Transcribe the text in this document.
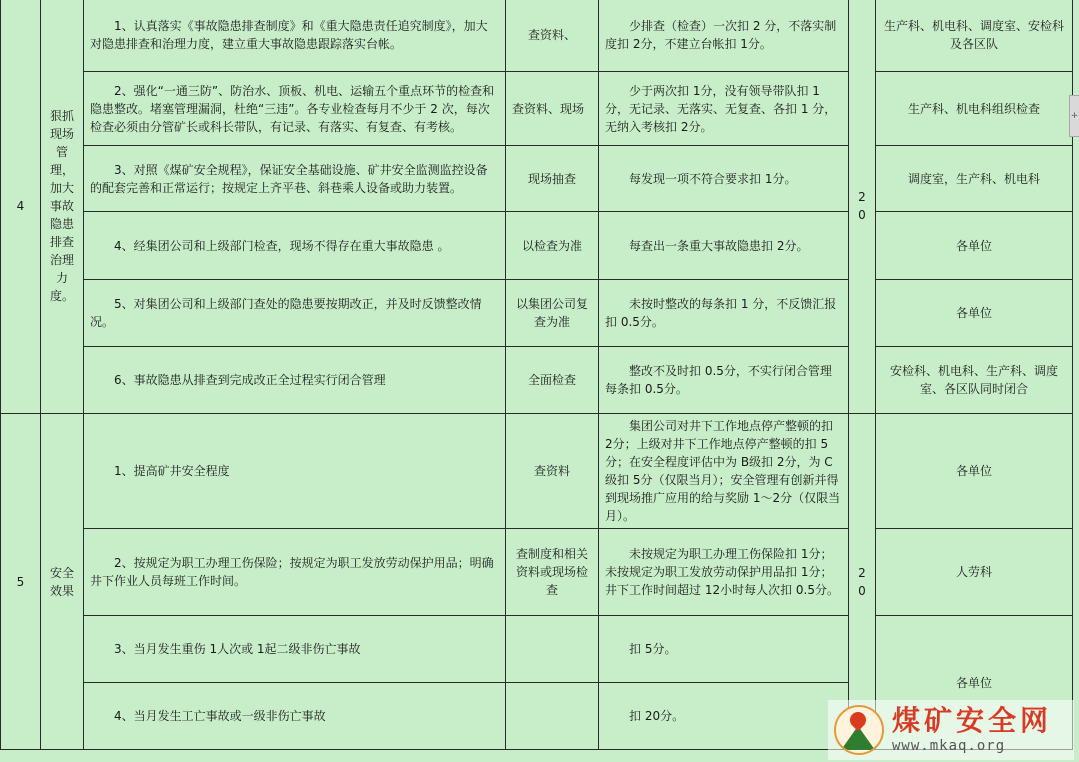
4	狠抓现场管理，加大事故隐患排查治理力度。	1、认真落实《事故隐患排查制度》和《重大隐患责任追究制度》，加大对隐患排查和治理力度，建立重大事故隐患跟踪落实台帐。	查资料、	少排查（检查）一次扣 2 分，不落实制度扣 2分，不建立台帐扣 1分。	20	生产科、机电科、调度室、安检科及各区队
		2、强化“一通三防”、防治水、顶板、机电、运输五个重点环节的检查和隐患整改。堵塞管理漏洞，杜绝“三违”。各专业检查每月不少于 2 次，每次检查必须由分管矿长或科长带队，有记录、有落实、有复查、有考核。	查资料、现场	少于两次扣 1分，没有领导带队扣 1分，无记录、无落实、无复查、各扣 1 分，无纳入考核扣 2分。		生产科、机电科组织检查
		3、对照《煤矿安全规程》，保证安全基础设施、矿井安全监测监控设备的配套完善和正常运行；按规定上齐平巷、斜巷乘人设备或助力装置。	现场抽查	每发现一项不符合要求扣 1分。		调度室，生产科、机电科
		4、经集团公司和上级部门检查，现场不得存在重大事故隐患 。	以检查为准	每查出一条重大事故隐患扣 2分。		各单位
		5、对集团公司和上级部门查处的隐患要按期改正，并及时反馈整改情况。	以集团公司复查为准	未按时整改的每条扣 1 分，不反馈汇报扣 0.5分。		各单位
		6、事故隐患从排查到完成改正全过程实行闭合管理	全面检查	整改不及时扣 0.5分，不实行闭合管理每条扣 0.5分。		安检科、机电科、生产科、调度室、各区队同时闭合
5	安全效果	1、提高矿井安全程度	查资料	集团公司对井下工作地点停产整顿的扣 2分；上级对井下工作地点停产整顿的扣 5分；在安全程度评估中为 B级扣 2分，为 C级扣 5分（仅限当月）；安全管理有创新并得到现场推广应用的给与奖励 1～2分（仅限当月）。	20	各单位
		2、按规定为职工办理工伤保险；按规定为职工发放劳动保护用品；明确井下作业人员每班工作时间。	查制度和相关资料或现场检查	未按规定为职工办理工伤保险扣 1分；未按规定为职工发放劳动保护用品扣 1分；井下工作时间超过 12小时每人次扣 0.5分。		人劳科
		3、当月发生重伤 1人次或 1起二级非伤亡事故		扣 5分。		各单位
		4、当月发生工亡事故或一级非伤亡事故		扣 20分。		
+
煤矿安全网
www.mkaq.org
